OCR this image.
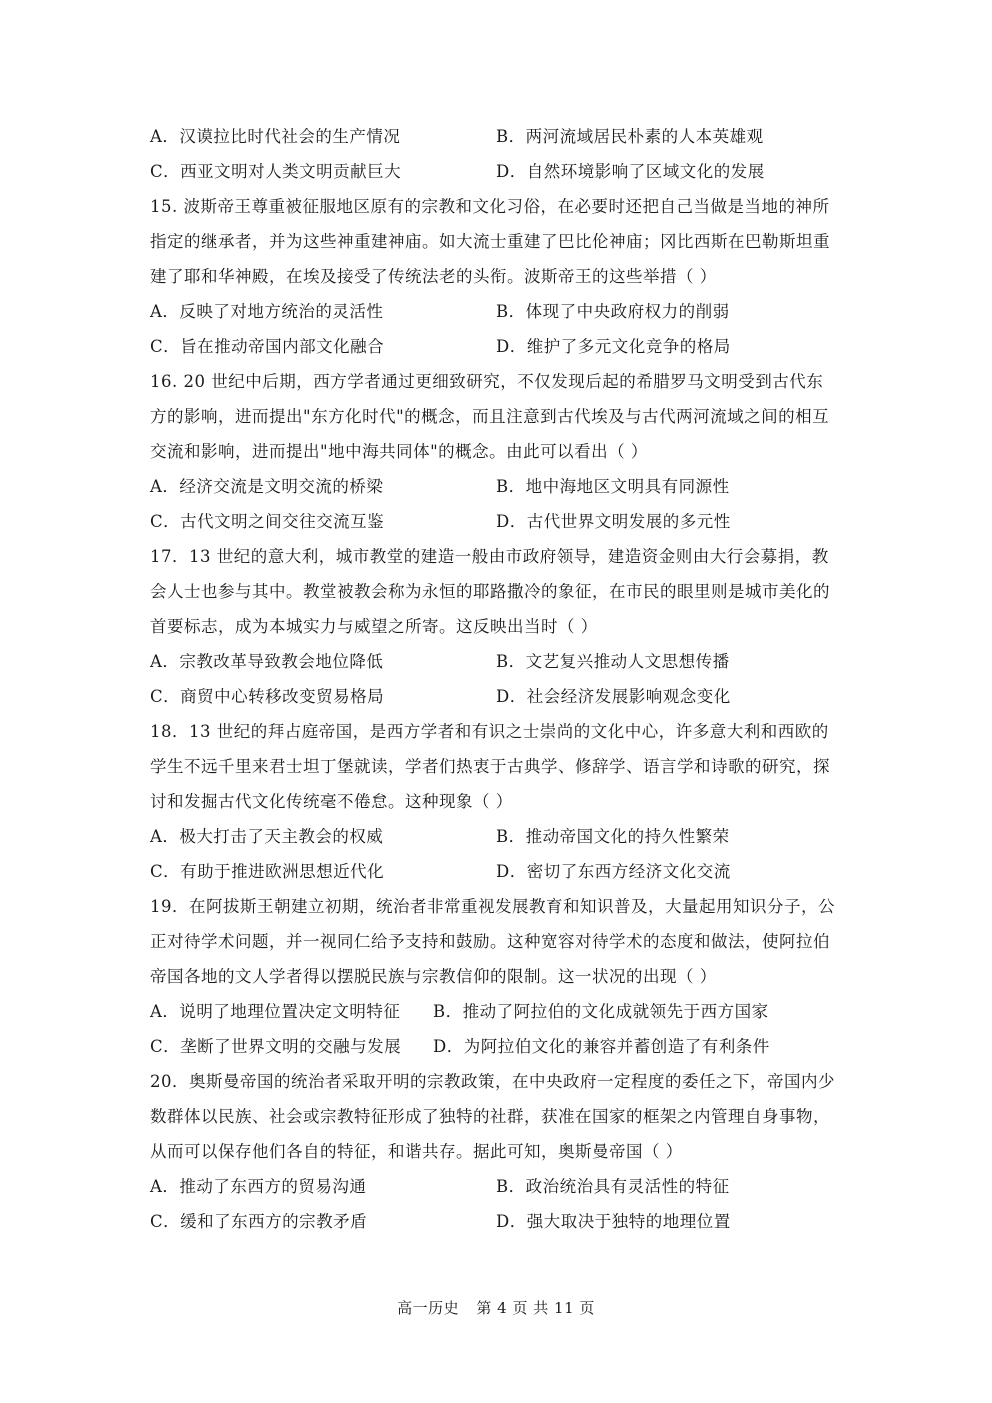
A．汉谟拉比时代社会的生产情况	B．两河流域居民朴素的人本英雄观
C．西亚文明对人类文明贡献巨大	D．自然环境影响了区域文化的发展
15. 波斯帝王尊重被征服地区原有的宗教和文化习俗，在必要时还把自己当做是当地的神所
指定的继承者，并为这些神重建神庙。如大流士重建了巴比伦神庙；冈比西斯在巴勒斯坦重
建了耶和华神殿，在埃及接受了传统法老的头衔。波斯帝王的这些举措（ ）
A．反映了对地方统治的灵活性	B．体现了中央政府权力的削弱
C．旨在推动帝国内部文化融合	D．维护了多元文化竞争的格局
16. 20 世纪中后期，西方学者通过更细致研究，不仅发现后起的希腊罗马文明受到古代东
方的影响，进而提出"东方化时代"的概念，而且注意到古代埃及与古代两河流域之间的相互
交流和影响，进而提出"地中海共同体"的概念。由此可以看出（ ）
A．经济交流是文明交流的桥梁	B．地中海地区文明具有同源性
C．古代文明之间交往交流互鉴	D．古代世界文明发展的多元性
17．13 世纪的意大利，城市教堂的建造一般由市政府领导，建造资金则由大行会募捐，教
会人士也参与其中。教堂被教会称为永恒的耶路撒冷的象征，在市民的眼里则是城市美化的
首要标志，成为本城实力与威望之所寄。这反映出当时（ ）
A．宗教改革导致教会地位降低	B．文艺复兴推动人文思想传播
C．商贸中心转移改变贸易格局	D．社会经济发展影响观念变化
18．13 世纪的拜占庭帝国，是西方学者和有识之士崇尚的文化中心，许多意大利和西欧的
学生不远千里来君士坦丁堡就读，学者们热衷于古典学、修辞学、语言学和诗歌的研究，探
讨和发掘古代文化传统毫不倦怠。这种现象（ ）
A．极大打击了天主教会的权威	B．推动帝国文化的持久性繁荣
C．有助于推进欧洲思想近代化	D．密切了东西方经济文化交流
19．在阿拔斯王朝建立初期，统治者非常重视发展教育和知识普及，大量起用知识分子，公
正对待学术问题，并一视同仁给予支持和鼓励。这种宽容对待学术的态度和做法，使阿拉伯
帝国各地的文人学者得以摆脱民族与宗教信仰的限制。这一状况的出现（ ）
A．说明了地理位置决定文明特征 B．推动了阿拉伯的文化成就领先于西方国家
C．垄断了世界文明的交融与发展 D．为阿拉伯文化的兼容并蓄创造了有利条件
20．奥斯曼帝国的统治者采取开明的宗教政策，在中央政府一定程度的委任之下，帝国内少
数群体以民族、社会或宗教特征形成了独特的社群，获准在国家的框架之内管理自身事物，
从而可以保存他们各自的特征，和谐共存。据此可知，奥斯曼帝国（ ）
A．推动了东西方的贸易沟通	B．政治统治具有灵活性的特征
C．缓和了东西方的宗教矛盾	D．强大取决于独特的地理位置
高一历史 第 4 页 共 11 页
